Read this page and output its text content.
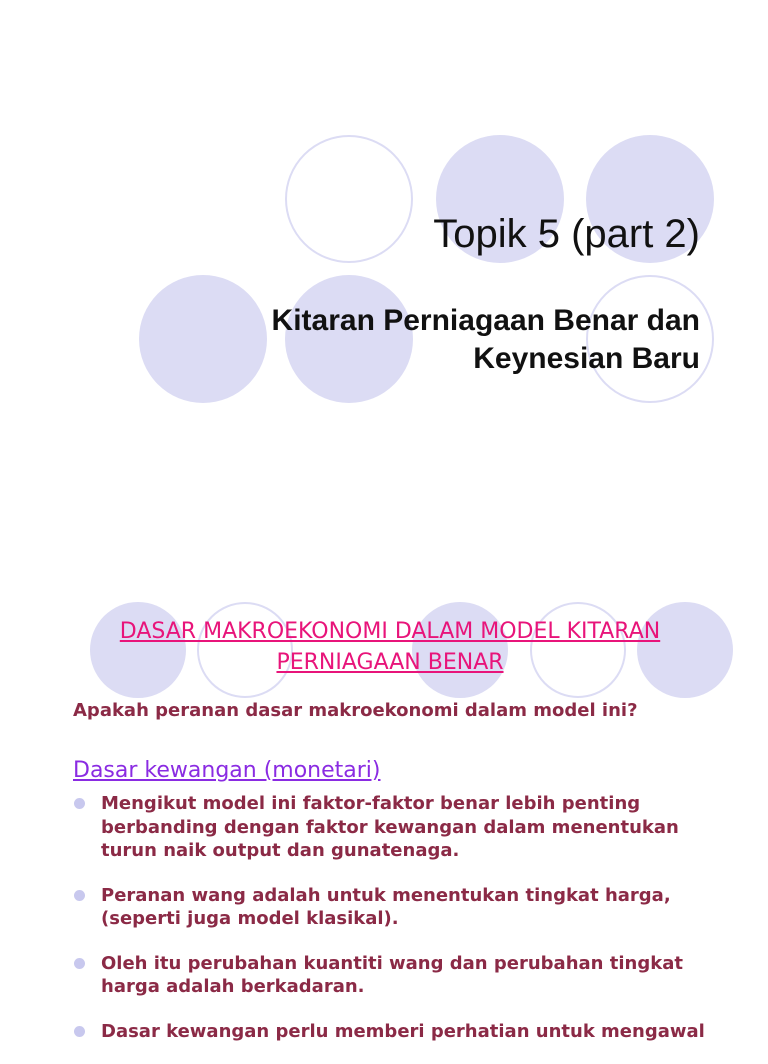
Topik 5 (part 2)
Kitaran Perniagaan Benar dan
Keynesian Baru
DASAR MAKROEKONOMI DALAM MODEL KITARAN
PERNIAGAAN BENAR
Apakah peranan dasar makroekonomi dalam model ini?
Dasar kewangan (monetari)
Mengikut model ini faktor-faktor benar lebih penting
berbanding dengan faktor kewangan dalam menentukan
turun naik output dan gunatenaga.
Peranan wang adalah untuk menentukan tingkat harga,
(seperti juga model klasikal).
Oleh itu perubahan kuantiti wang dan perubahan tingkat
harga adalah berkadaran.
Dasar kewangan perlu memberi perhatian untuk mengawal
